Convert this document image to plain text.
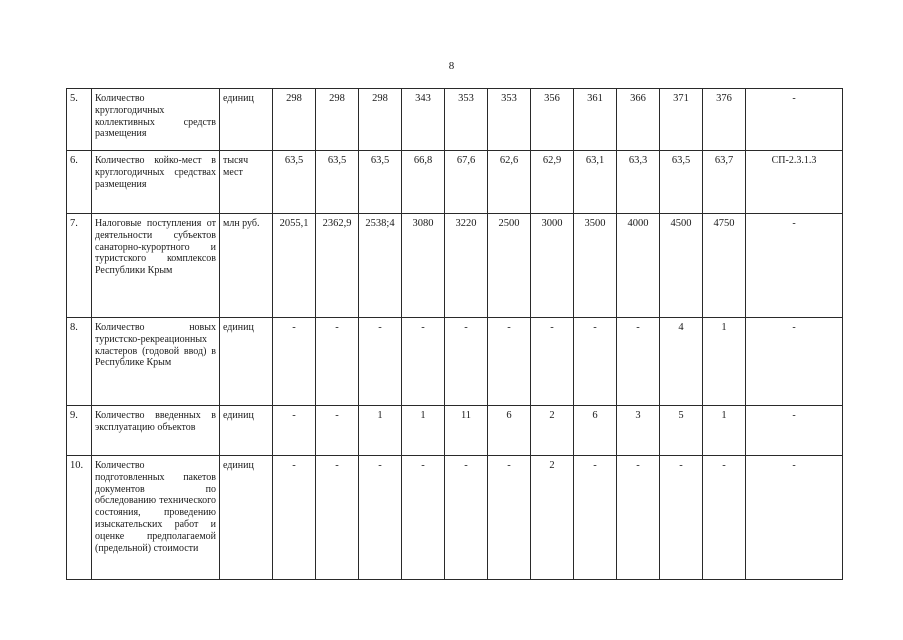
8
5.	Количество круглогодичных коллективных средств размещения	единиц	298	298	298	343	353	353	356	361	366	371	376	-
6.	Количество койко-мест в круглогодичных средствах размещения	тысяч мест	63,5	63,5	63,5	66,8	67,6	62,6	62,9	63,1	63,3	63,5	63,7	СП-2.3.1.3
7.	Налоговые поступления от деятельности субъектов санаторно-курортного и туристского комплексов Республики Крым	млн руб.	2055,1	2362,9	2538;4	3080	3220	2500	3000	3500	4000	4500	4750	-
8.	Количество новых туристско-рекреационных кластеров (годовой ввод) в Республике Крым	единиц	-	-	-	-	-	-	-	-	-	4	1	-
9.	Количество введенных в эксплуатацию объектов	единиц	-	-	1	1	11	6	2	6	3	5	1	-
10.	Количество подготовленных пакетов документов по обследованию технического состояния, проведению изыскательских работ и оценке предполагаемой (предельной) стоимости	единиц	-	-	-	-	-	-	2	-	-	-	-	-
